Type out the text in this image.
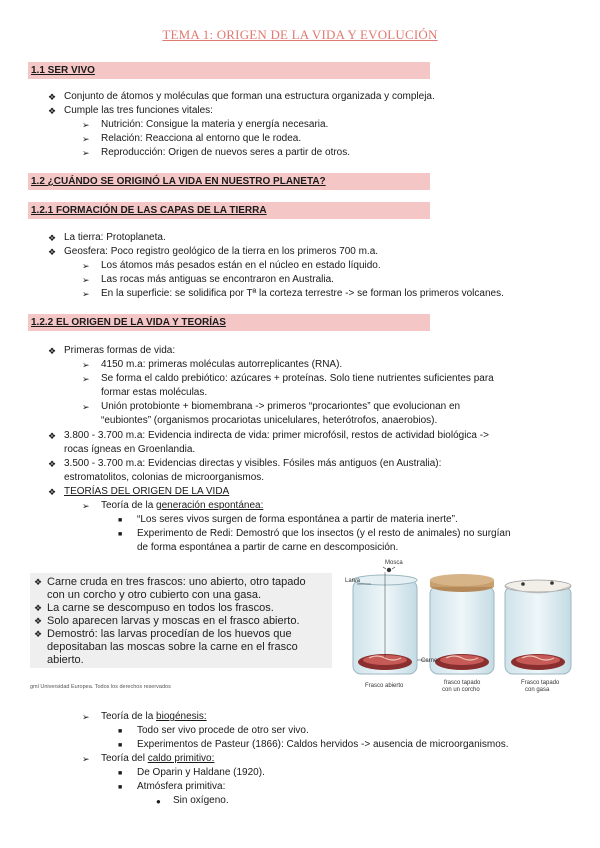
TEMA 1: ORIGEN DE LA VIDA Y EVOLUCIÓN
1.1 SER VIVO
❖ Conjunto de átomos y moléculas que forman una estructura organizada y compleja.
❖ Cumple las tres funciones vitales:
➢ Nutrición: Consigue la materia y energía necesaria.
➢ Relación: Reacciona al entorno que le rodea.
➢ Reproducción: Origen de nuevos seres a partir de otros.
1.2 ¿CUÁNDO SE ORIGINÓ LA VIDA EN NUESTRO PLANETA?
1.2.1 FORMACIÓN DE LAS CAPAS DE LA TIERRA
❖ La tierra: Protoplaneta.
❖ Geosfera: Poco registro geológico de la tierra en los primeros 700 m.a.
➢ Los átomos más pesados están en el núcleo en estado líquido.
➢ Las rocas más antiguas se encontraron en Australia.
➢ En la superficie: se solidifica por Tª la corteza terrestre -> se forman los primeros volcanes.
1.2.2 EL ORIGEN DE LA VIDA Y TEORÍAS
❖ Primeras formas de vida:
➢ 4150 m.a: primeras moléculas autorreplicantes (RNA).
➢ Se forma el caldo prebiótico: azúcares + proteínas. Solo tiene nutrientes suficientes para
formar estas moléculas.
➢ Unión protobionte + biomembrana -> primeros “procariontes” que evolucionan en
“eubiontes” (organismos procariotas unicelulares, heterótrofos, anaerobios).
❖ 3.800 - 3.700 m.a: Evidencia indirecta de vida: primer microfósil, restos de actividad biológica ->
rocas ígneas en Groenlandia.
❖ 3.500 - 3.700 m.a: Evidencias directas y visibles. Fósiles más antiguos (en Australia):
estromatolitos, colonias de microorganismos.
❖ TEORÍAS DEL ORIGEN DE LA VIDA
➢ Teoría de la generación espontánea:
■ “Los seres vivos surgen de forma espontánea a partir de materia inerte”.
■ Experimento de Redi: Demostró que los insectos (y el resto de animales) no surgían
de forma espontánea a partir de carne en descomposición.
❖ Carne cruda en tres frascos: uno abierto, otro tapado
con un corcho y otro cubierto con una gasa.
❖ La carne se descompuso en todos los frascos.
❖ Solo aparecen larvas y moscas en el frasco abierto.
❖ Demostró: las larvas procedían de los huevos que
depositaban las moscas sobre la carne en el frasco
abierto.
gml Universidad Europea. Todos los derechos reservados
Mosca
Larva
Carne
Frasco abierto	frasco tapado
con un corcho
Frasco tapado
con gasa
➢ Teoría de la biogénesis:
■ Todo ser vivo procede de otro ser vivo.
■ Experimentos de Pasteur (1866): Caldos hervidos -> ausencia de microorganismos.
➢ Teoría del caldo primitivo:
■ De Oparin y Haldane (1920).
■ Atmósfera primitiva:
● Sin oxígeno.
